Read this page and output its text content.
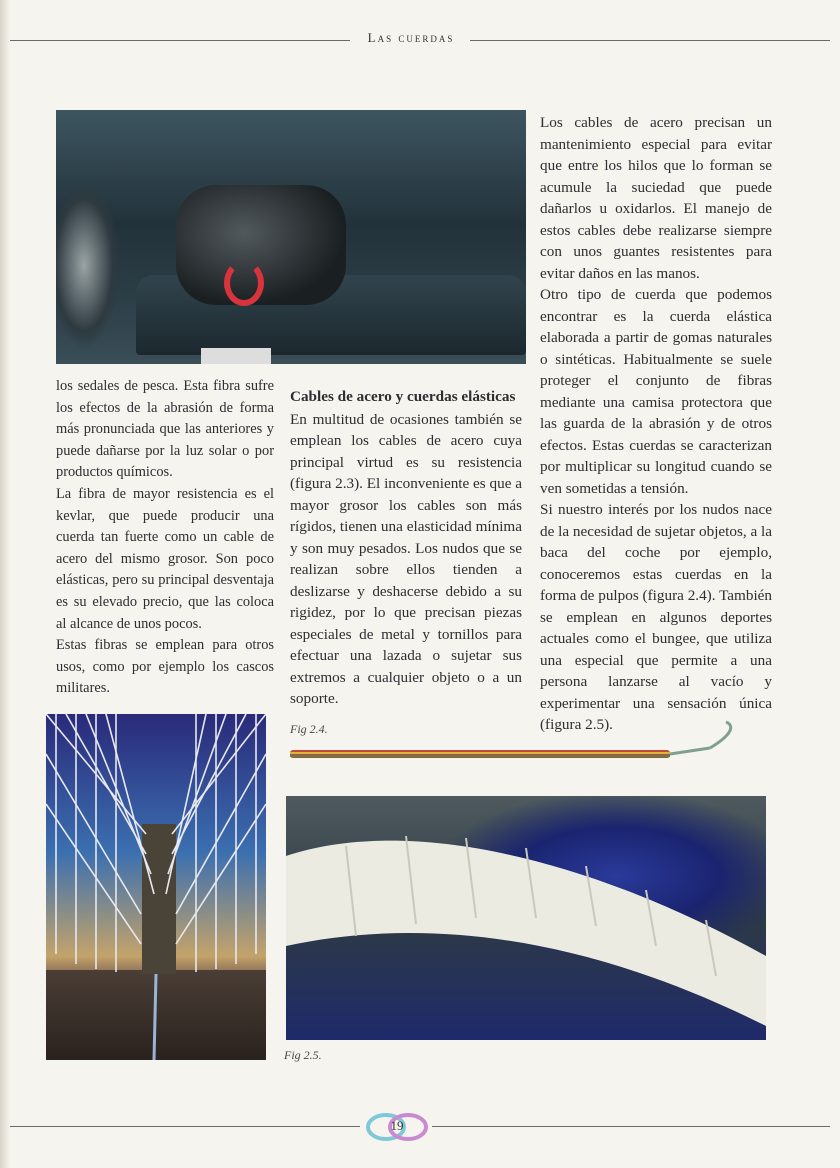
Las cuerdas

Los cables de acero precisan un mantenimiento especial para evitar que entre los hilos que lo forman se acumule la suciedad que puede dañarlos u oxidarlos. El manejo de estos cables debe realizarse siempre con unos guantes resistentes para evitar daños en las manos.

Otro tipo de cuerda que podemos encontrar es la cuerda elástica elaborada a partir de gomas naturales o sintéticas. Habitualmente se suele proteger el conjunto de fibras mediante una camisa protectora que las guarda de la abrasión y de otros efectos. Estas cuerdas se caracterizan por multiplicar su longitud cuando se ven sometidas a tensión.

Si nuestro interés por los nudos nace de la necesidad de sujetar objetos, a la baca del coche por ejemplo, conoceremos estas cuerdas en la forma de pulpos (figura 2.4). También se emplean en algunos deportes actuales como el bungee, que utiliza una especial que permite a una persona lanzarse al vacío y experimentar una sensación única (figura 2.5).

los sedales de pesca. Esta fibra sufre los efectos de la abrasión de forma más pronunciada que las anteriores y puede dañarse por la luz solar o por productos químicos.

La fibra de mayor resistencia es el kevlar, que puede producir una cuerda tan fuerte como un cable de acero del mismo grosor. Son poco elásticas, pero su principal desventaja es su elevado precio, que las coloca al alcance de unos pocos.

Estas fibras se emplean para otros usos, como por ejemplo los cascos militares.

Cables de acero y cuerdas elásticas

En multitud de ocasiones también se emplean los cables de acero cuya principal virtud es su resistencia (figura 2.3). El inconveniente es que a mayor grosor los cables son más rígidos, tienen una elasticidad mínima y son muy pesados. Los nudos que se realizan sobre ellos tienden a deslizarse y deshacerse debido a su rigidez, por lo que precisan piezas especiales de metal y tornillos para efectuar una lazada o sujetar sus extremos a cualquier objeto o a un soporte.

Fig 2.4.
Fig 2.5.
19
